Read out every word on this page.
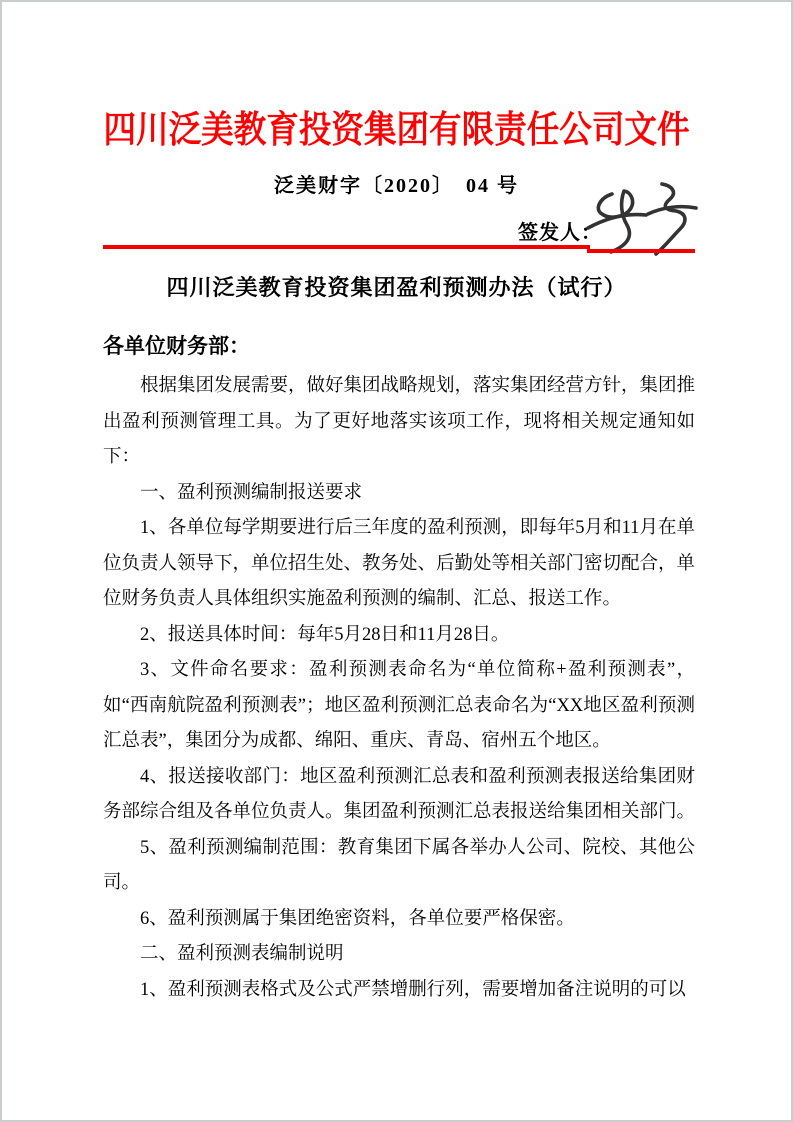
四川泛美教育投资集团有限责任公司文件
泛美财字〔2020〕　04 号
签发人：
四川泛美教育投资集团盈利预测办法（试行）

各单位财务部：

根据集团发展需要，做好集团战略规划，落实集团经营方针，集团推出盈利预测管理工具。为了更好地落实该项工作，现将相关规定通知如下：

一、盈利预测编制报送要求

1、各单位每学期要进行后三年度的盈利预测，即每年5月和11月在单位负责人领导下，单位招生处、教务处、后勤处等相关部门密切配合，单位财务负责人具体组织实施盈利预测的编制、汇总、报送工作。

2、报送具体时间：每年5月28日和11月28日。

3、文件命名要求：盈利预测表命名为“单位简称+盈利预测表”，如“西南航院盈利预测表”；地区盈利预测汇总表命名为“XX地区盈利预测汇总表”，集团分为成都、绵阳、重庆、青岛、宿州五个地区。

4、报送接收部门：地区盈利预测汇总表和盈利预测表报送给集团财务部综合组及各单位负责人。集团盈利预测汇总表报送给集团相关部门。

5、盈利预测编制范围：教育集团下属各举办人公司、院校、其他公司。

6、盈利预测属于集团绝密资料，各单位要严格保密。

二、盈利预测表编制说明

1、盈利预测表格式及公式严禁增删行列，需要增加备注说明的可以
